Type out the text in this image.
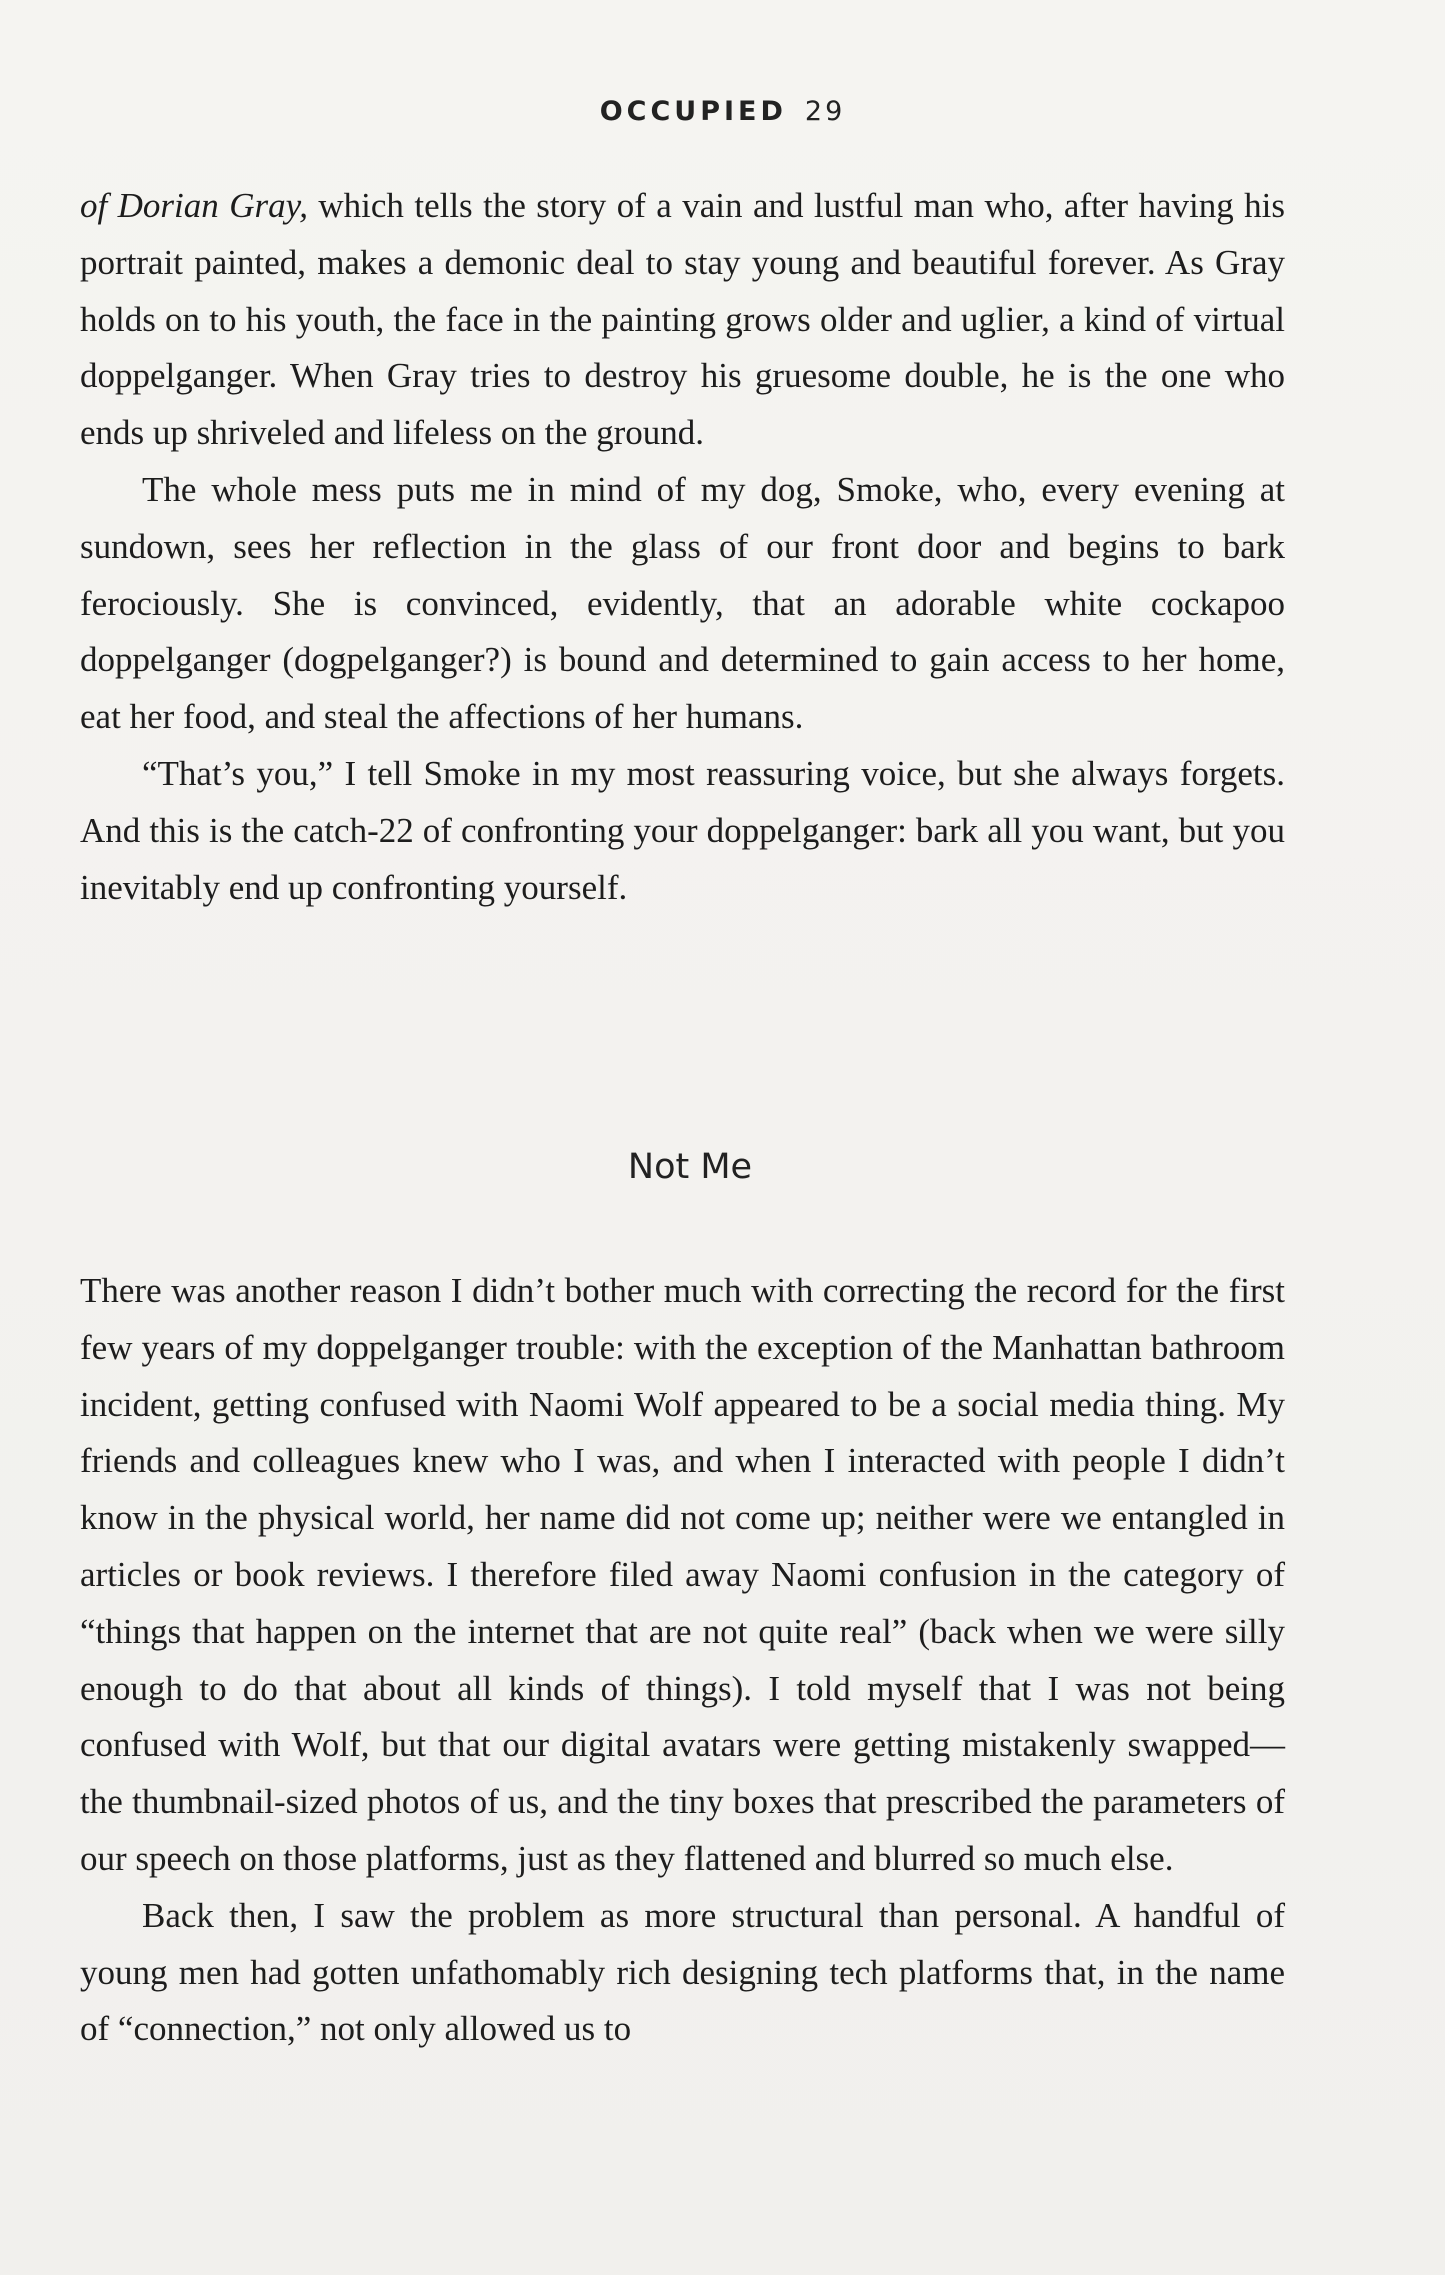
OCCUPIED 29

of Dorian Gray, which tells the story of a vain and lustful man who, after having his portrait painted, makes a demonic deal to stay young and beautiful forever. As Gray holds on to his youth, the face in the painting grows older and uglier, a kind of virtual doppelganger. When Gray tries to destroy his gruesome double, he is the one who ends up shriveled and lifeless on the ground.

The whole mess puts me in mind of my dog, Smoke, who, every evening at sundown, sees her reflection in the glass of our front door and begins to bark ferociously. She is convinced, evidently, that an adorable white cockapoo doppelganger (dogpelganger?) is bound and determined to gain access to her home, eat her food, and steal the affections of her humans.

“That’s you,” I tell Smoke in my most reassuring voice, but she always forgets. And this is the catch-22 of confronting your doppelganger: bark all you want, but you inevitably end up confronting yourself.

Not Me

There was another reason I didn’t bother much with correcting the record for the first few years of my doppelganger trouble: with the exception of the Manhattan bathroom incident, getting confused with Naomi Wolf appeared to be a social media thing. My friends and colleagues knew who I was, and when I interacted with people I didn’t know in the physical world, her name did not come up; neither were we entangled in articles or book reviews. I therefore filed away Naomi confusion in the category of “things that happen on the internet that are not quite real” (back when we were silly enough to do that about all kinds of things). I told myself that I was not being confused with Wolf, but that our digital avatars were getting mistakenly swapped—the thumbnail-sized photos of us, and the tiny boxes that prescribed the parameters of our speech on those platforms, just as they flattened and blurred so much else.

Back then, I saw the problem as more structural than personal. A handful of young men had gotten unfathomably rich designing tech platforms that, in the name of “connection,” not only allowed us to
